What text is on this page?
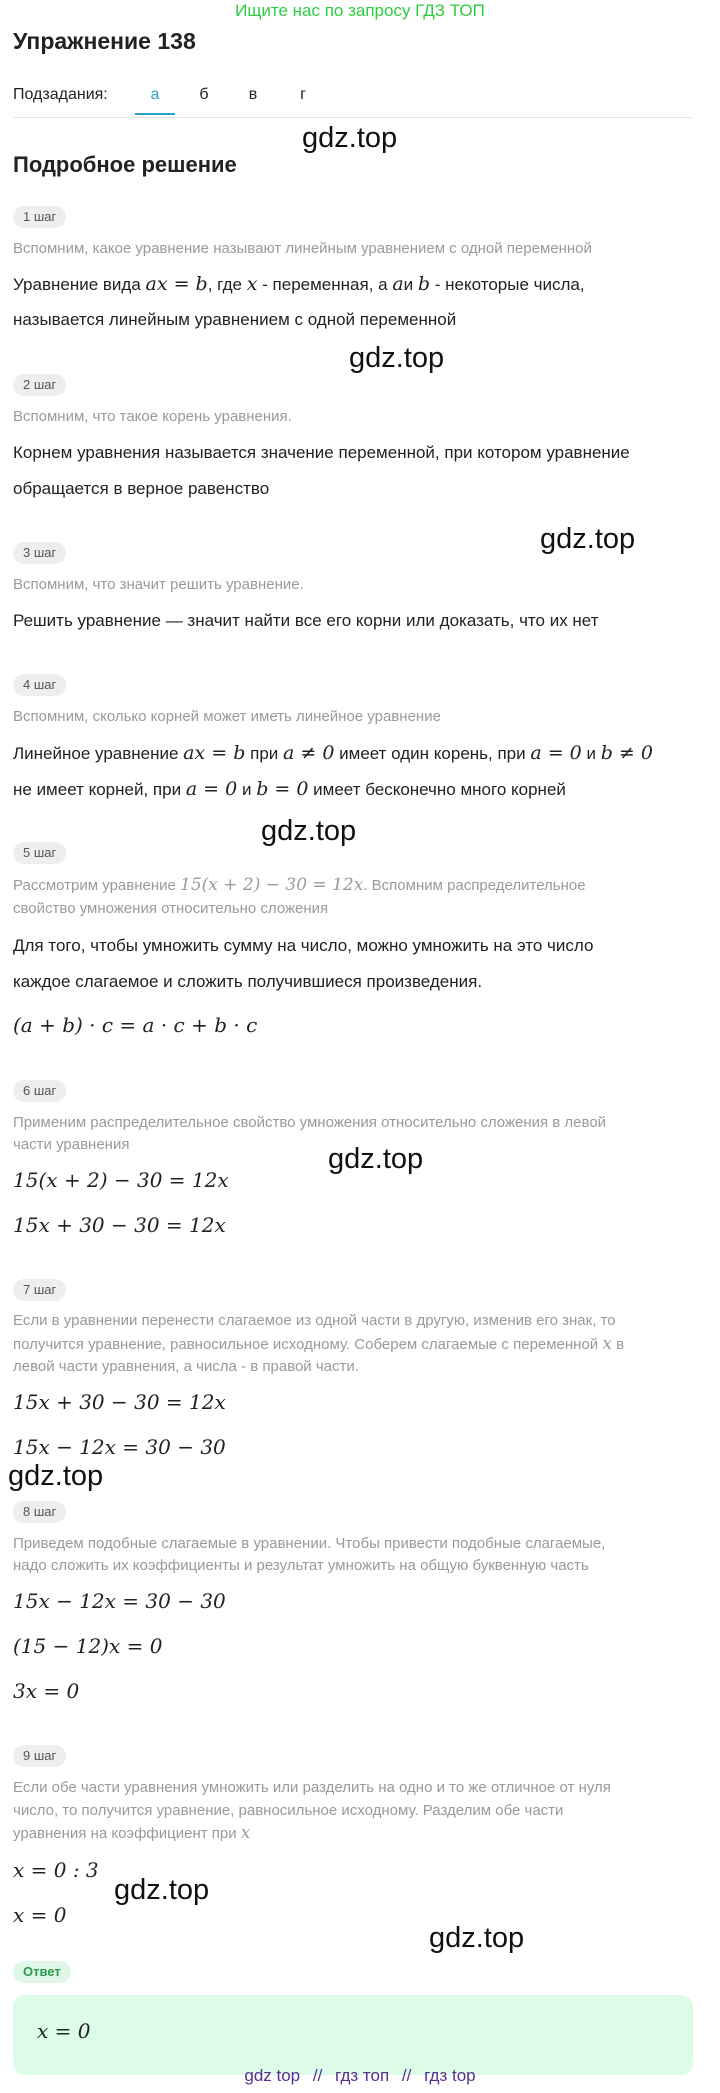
Ищите нас по запросу ГДЗ ТОП
Упражнение 138
Подзадания:	а	б	в	г
Подробное решение
gdz.top
gdz.top
gdz.top
gdz.top
gdz.top
gdz.top
gdz.top
gdz.top
1 шаг
Вспомним, какое уравнение называют линейным уравнением с одной переменной
Уравнение вида ax = b, где x - переменная, а aи b - некоторые числа,
называется линейным уравнением с одной переменной
2 шаг
Вспомним, что такое корень уравнения.
Корнем уравнения называется значение переменной, при котором уравнение
обращается в верное равенство
3 шаг
Вспомним, что значит решить уравнение.
Решить уравнение — значит найти все его корни или доказать, что их нет
4 шаг
Вспомним, сколько корней может иметь линейное уравнение
Линейное уравнение ax = b при a ≠ 0 имеет один корень, при a = 0 и b ≠ 0
не имеет корней, при a = 0 и b = 0 имеет бесконечно много корней
5 шаг
Рассмотрим уравнение 15(x + 2) − 30 = 12x. Вспомним распределительное
свойство умножения относительно сложения
Для того, чтобы умножить сумму на число, можно умножить на это число
каждое слагаемое и сложить получившиеся произведения.
(a + b) · c = a · c + b · c
6 шаг
Применим распределительное свойство умножения относительно сложения в левой
части уравнения
15(x + 2) − 30 = 12x
15x + 30 − 30 = 12x
7 шаг
Если в уравнении перенести слагаемое из одной части в другую, изменив его знак, то
получится уравнение, равносильное исходному. Соберем слагаемые с переменной x в
левой части уравнения, а числа - в правой части.
15x + 30 − 30 = 12x
15x − 12x = 30 − 30
8 шаг
Приведем подобные слагаемые в уравнении. Чтобы привести подобные слагаемые,
надо сложить их коэффициенты и результат умножить на общую буквенную часть
15x − 12x = 30 − 30
(15 − 12)x = 0
3x = 0
9 шаг
Если обе части уравнения умножить или разделить на одно и то же отличное от нуля
число, то получится уравнение, равносильное исходному. Разделим обе части
уравнения на коэффициент при x
x = 0 : 3
x = 0
Ответ
x = 0
gdz top // гдз топ // гдз top
